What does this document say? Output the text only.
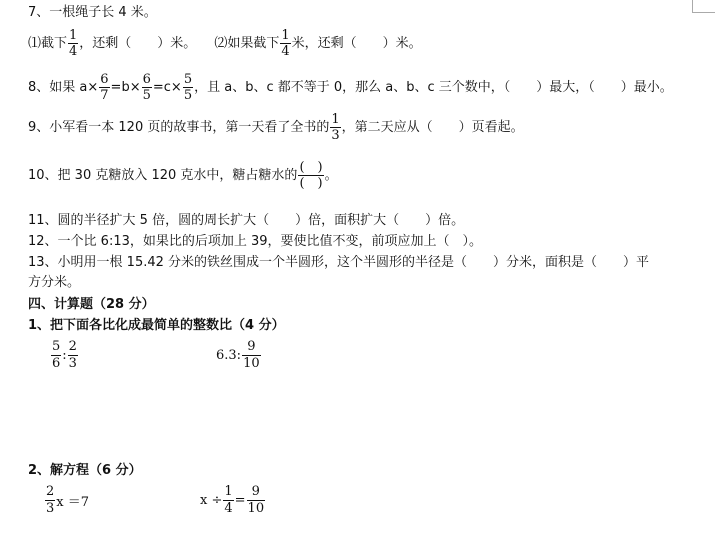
7、一根绳子长 4 米。
⑴截下 $\frac{1}{4}$ ，还剩（　　）米。 ⑵如果截下 $\frac{1}{4}$ 米，还剩（　　）米。
8、如果 $a\times \frac{6}{7} =b\times \frac{6}{5} =c\times \frac{5}{5}$ ，且 a、b、c 都不等于 0，那么 a、b、c 三个数中，（　　）最大，（　　）最小。
9、小军看一本 120 页的故事书，第一天看了全书的 $\frac{1}{3}$ ，第二天应从（　　）页看起。
10、把 30 克糖放入 120 克水中，糖占糖水的 $\frac{( )}{( )}$ 。
11、圆的半径扩大 5 倍，圆的周长扩大（　　）倍，面积扩大（　　）倍。
12、一个比 6:13，如果比的后项加上 39，要使比值不变，前项应加上（　）。
13、小明用一根 15.42 分米的铁丝围成一个半圆形，这个半圆形的半径是（　　）分米，面积是（　　）平
方分米。
四、计算题（28 分）
1、把下面各比化成最简单的整数比（4 分）
$\frac{5}{6}$ : $\frac{2}{3}$	6.3: $\frac{9}{10}$
2、解方程（6 分）
$\frac{2}{3}$ x ＝7	$x \div \frac{1}{4} = \frac{9}{10}$
